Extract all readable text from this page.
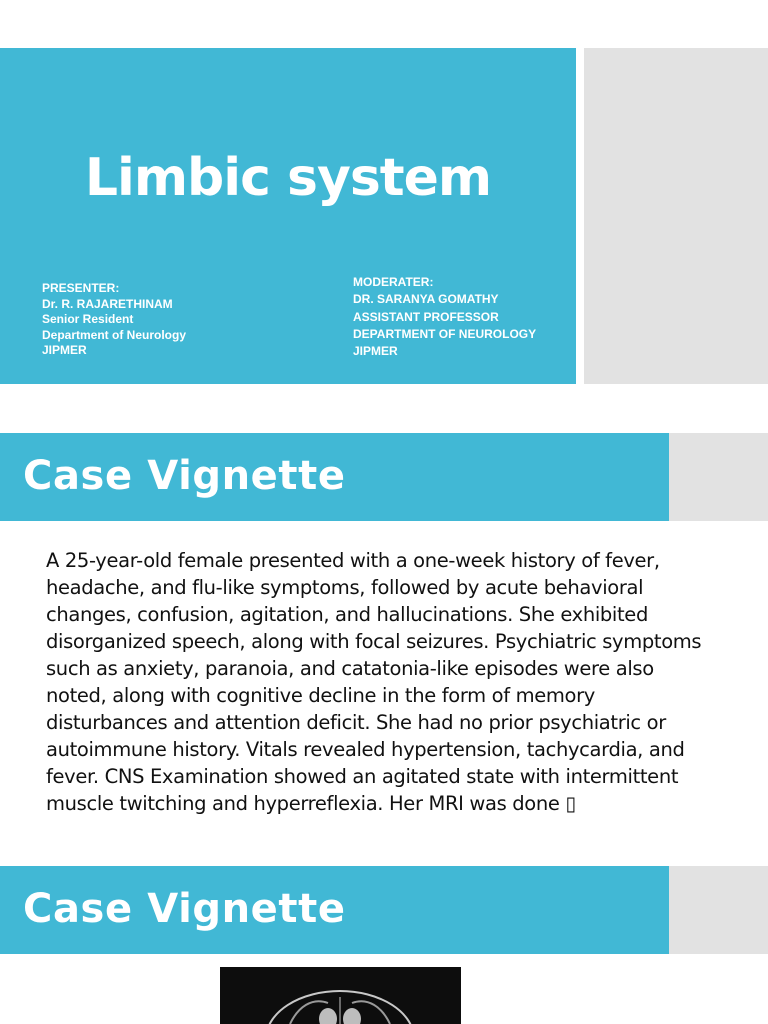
Limbic system
PRESENTER:
Dr. R. RAJARETHINAM
Senior Resident
Department of Neurology
JIPMER
MODERATER:
DR. SARANYA GOMATHY
ASSISTANT PROFESSOR
DEPARTMENT OF NEUROLOGY
JIPMER
Case Vignette

A 25-year-old female presented with a one-week history of fever, headache, and flu-like symptoms, followed by acute behavioral changes, confusion, agitation, and hallucinations. She exhibited disorganized speech, along with focal seizures. Psychiatric symptoms such as anxiety, paranoia, and catatonia-like episodes were also noted, along with cognitive decline in the form of memory disturbances and attention deficit. She had no prior psychiatric or autoimmune history. Vitals revealed hypertension, tachycardia, and fever. CNS Examination showed an agitated state with intermittent muscle twitching and hyperreflexia. Her MRI was done ▯

Case Vignette
